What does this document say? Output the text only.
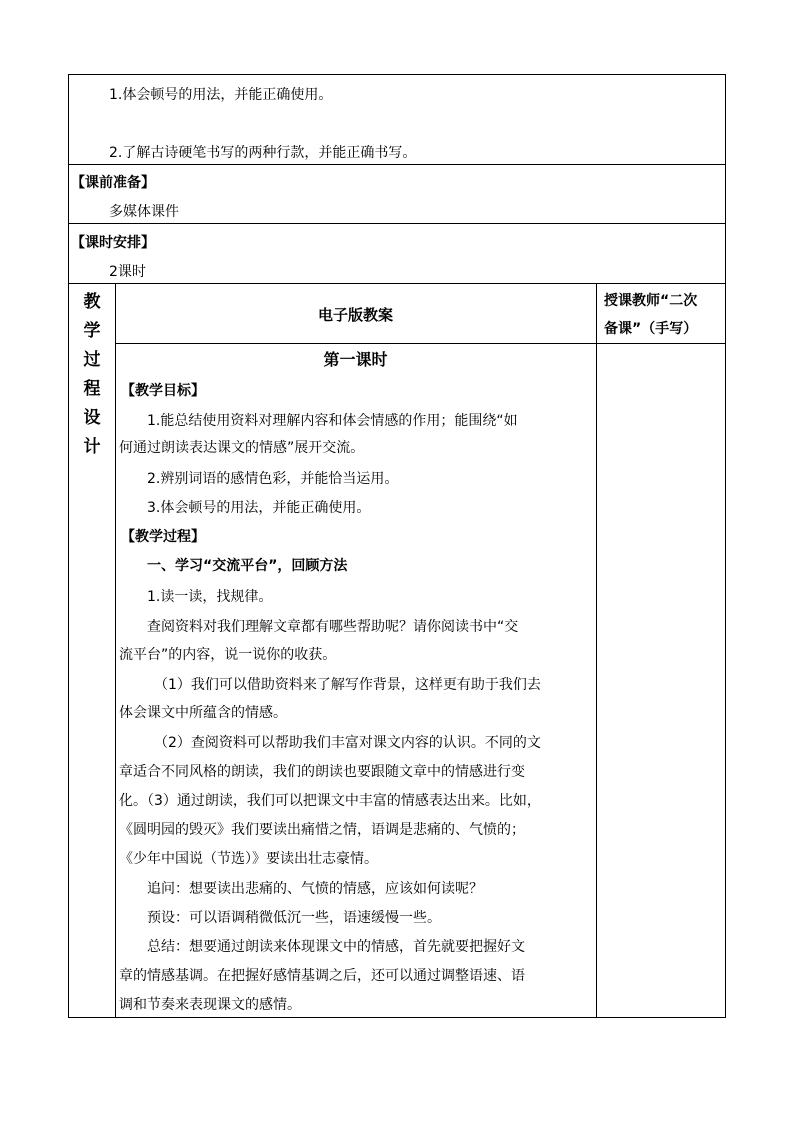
1.体会顿号的用法，并能正确使用。
2.了解古诗硬笔书写的两种行款，并能正确书写。
【课前准备】
多媒体课件
【课时安排】
2课时
教
学
过
程
设
计
电子版教案
授课教师“二次
备课”（手写）
第一课时
【教学目标】
1.能总结使用资料对理解内容和体会情感的作用；能围绕“如
何通过朗读表达课文的情感”展开交流。
2.辨别词语的感情色彩，并能恰当运用。
3.体会顿号的用法，并能正确使用。
【教学过程】
一、学习“交流平台”，回顾方法
1.读一读，找规律。
查阅资料对我们理解文章都有哪些帮助呢？请你阅读书中“交
流平台”的内容，说一说你的收获。
（1）我们可以借助资料来了解写作背景，这样更有助于我们去
体会课文中所蕴含的情感。
（2）查阅资料可以帮助我们丰富对课文内容的认识。不同的文
章适合不同风格的朗读，我们的朗读也要跟随文章中的情感进行变
化。（3）通过朗读，我们可以把课文中丰富的情感表达出来。比如，
《圆明园的毁灭》我们要读出痛惜之情，语调是悲痛的、气愤的；
《少年中国说（节选）》要读出壮志豪情。
追问：想要读出悲痛的、气愤的情感，应该如何读呢？
预设：可以语调稍微低沉一些，语速缓慢一些。
总结：想要通过朗读来体现课文中的情感，首先就要把握好文
章的情感基调。在把握好感情基调之后，还可以通过调整语速、语
调和节奏来表现课文的感情。
